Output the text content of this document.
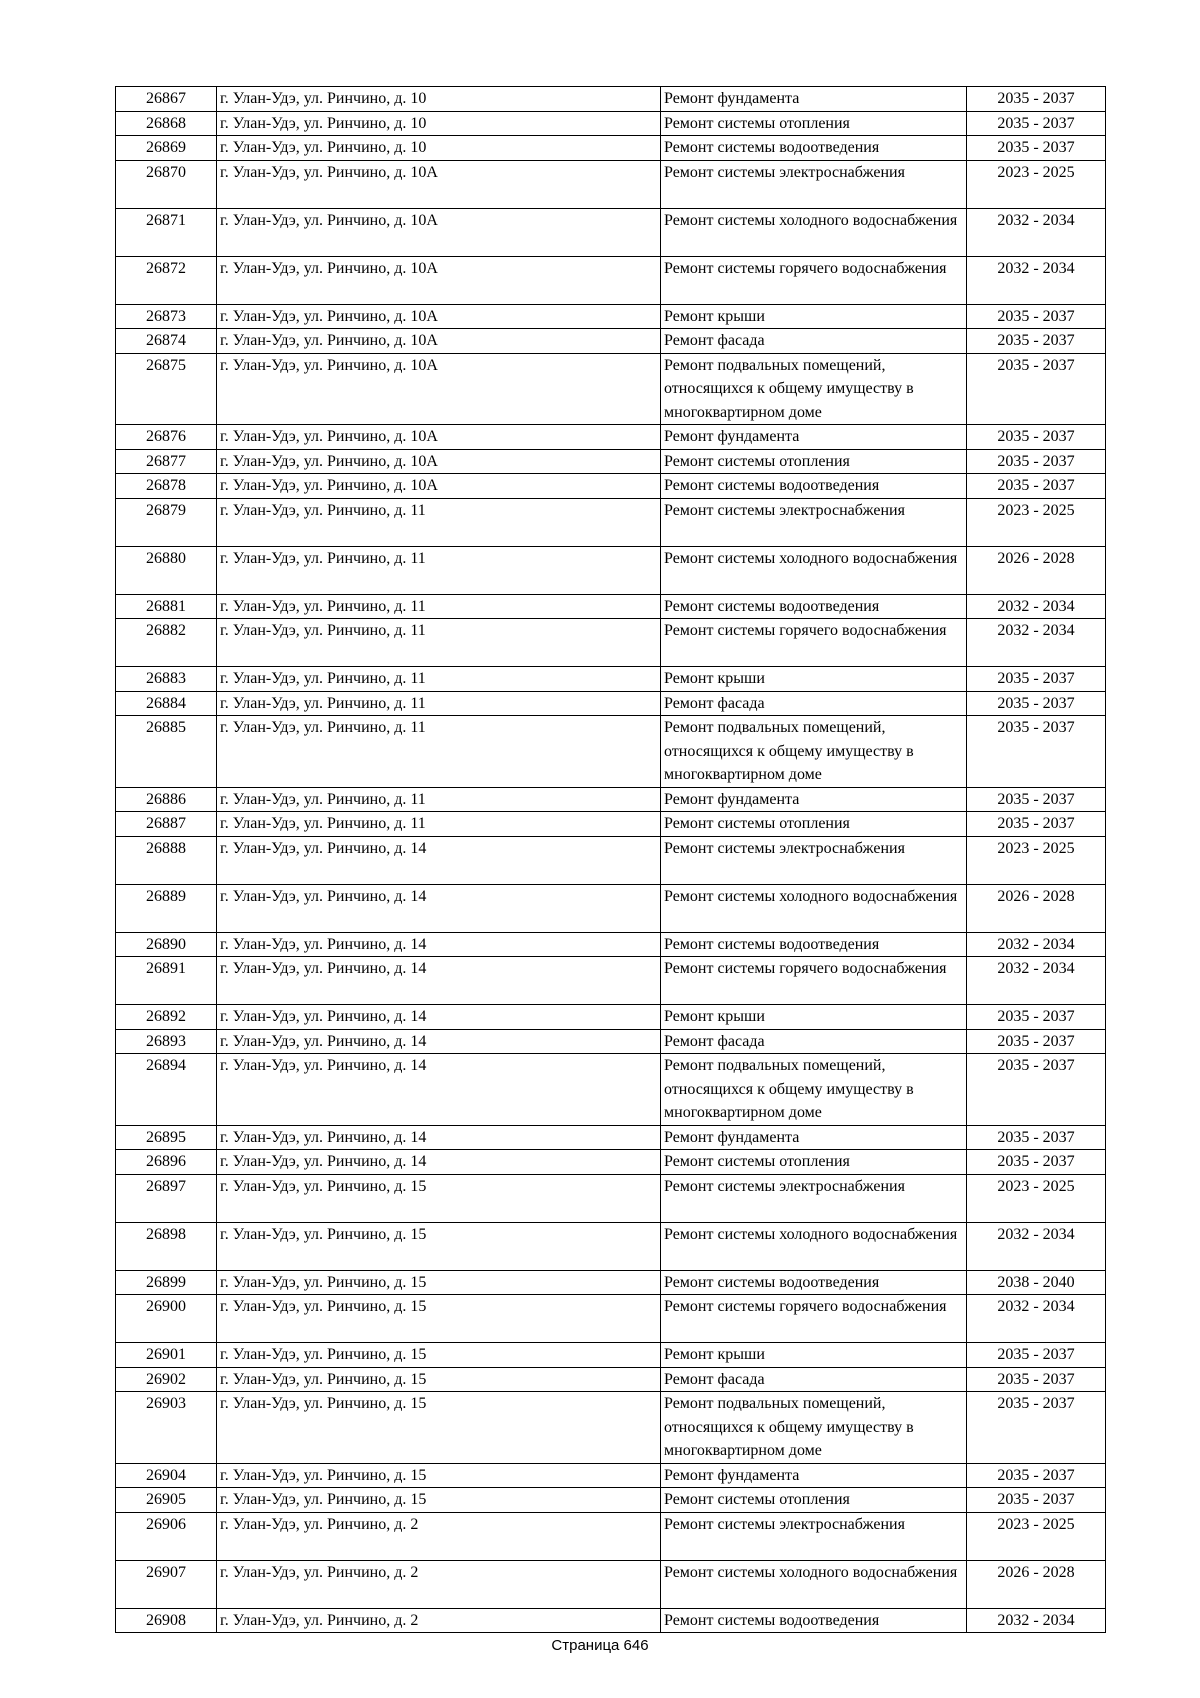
26867	г. Улан-Удэ, ул. Ринчино, д. 10	Ремонт фундамента	2035 - 2037
26868	г. Улан-Удэ, ул. Ринчино, д. 10	Ремонт системы отопления	2035 - 2037
26869	г. Улан-Удэ, ул. Ринчино, д. 10	Ремонт системы водоотведения	2035 - 2037
26870	г. Улан-Удэ, ул. Ринчино, д. 10А	Ремонт системы электроснабжения	2023 - 2025
26871	г. Улан-Удэ, ул. Ринчино, д. 10А	Ремонт системы холодного водоснабжения	2032 - 2034
26872	г. Улан-Удэ, ул. Ринчино, д. 10А	Ремонт системы горячего водоснабжения	2032 - 2034
26873	г. Улан-Удэ, ул. Ринчино, д. 10А	Ремонт крыши	2035 - 2037
26874	г. Улан-Удэ, ул. Ринчино, д. 10А	Ремонт фасада	2035 - 2037
26875	г. Улан-Удэ, ул. Ринчино, д. 10А	Ремонт подвальных помещений, относящихся к общему имуществу в многоквартирном доме	2035 - 2037
26876	г. Улан-Удэ, ул. Ринчино, д. 10А	Ремонт фундамента	2035 - 2037
26877	г. Улан-Удэ, ул. Ринчино, д. 10А	Ремонт системы отопления	2035 - 2037
26878	г. Улан-Удэ, ул. Ринчино, д. 10А	Ремонт системы водоотведения	2035 - 2037
26879	г. Улан-Удэ, ул. Ринчино, д. 11	Ремонт системы электроснабжения	2023 - 2025
26880	г. Улан-Удэ, ул. Ринчино, д. 11	Ремонт системы холодного водоснабжения	2026 - 2028
26881	г. Улан-Удэ, ул. Ринчино, д. 11	Ремонт системы водоотведения	2032 - 2034
26882	г. Улан-Удэ, ул. Ринчино, д. 11	Ремонт системы горячего водоснабжения	2032 - 2034
26883	г. Улан-Удэ, ул. Ринчино, д. 11	Ремонт крыши	2035 - 2037
26884	г. Улан-Удэ, ул. Ринчино, д. 11	Ремонт фасада	2035 - 2037
26885	г. Улан-Удэ, ул. Ринчино, д. 11	Ремонт подвальных помещений, относящихся к общему имуществу в многоквартирном доме	2035 - 2037
26886	г. Улан-Удэ, ул. Ринчино, д. 11	Ремонт фундамента	2035 - 2037
26887	г. Улан-Удэ, ул. Ринчино, д. 11	Ремонт системы отопления	2035 - 2037
26888	г. Улан-Удэ, ул. Ринчино, д. 14	Ремонт системы электроснабжения	2023 - 2025
26889	г. Улан-Удэ, ул. Ринчино, д. 14	Ремонт системы холодного водоснабжения	2026 - 2028
26890	г. Улан-Удэ, ул. Ринчино, д. 14	Ремонт системы водоотведения	2032 - 2034
26891	г. Улан-Удэ, ул. Ринчино, д. 14	Ремонт системы горячего водоснабжения	2032 - 2034
26892	г. Улан-Удэ, ул. Ринчино, д. 14	Ремонт крыши	2035 - 2037
26893	г. Улан-Удэ, ул. Ринчино, д. 14	Ремонт фасада	2035 - 2037
26894	г. Улан-Удэ, ул. Ринчино, д. 14	Ремонт подвальных помещений, относящихся к общему имуществу в многоквартирном доме	2035 - 2037
26895	г. Улан-Удэ, ул. Ринчино, д. 14	Ремонт фундамента	2035 - 2037
26896	г. Улан-Удэ, ул. Ринчино, д. 14	Ремонт системы отопления	2035 - 2037
26897	г. Улан-Удэ, ул. Ринчино, д. 15	Ремонт системы электроснабжения	2023 - 2025
26898	г. Улан-Удэ, ул. Ринчино, д. 15	Ремонт системы холодного водоснабжения	2032 - 2034
26899	г. Улан-Удэ, ул. Ринчино, д. 15	Ремонт системы водоотведения	2038 - 2040
26900	г. Улан-Удэ, ул. Ринчино, д. 15	Ремонт системы горячего водоснабжения	2032 - 2034
26901	г. Улан-Удэ, ул. Ринчино, д. 15	Ремонт крыши	2035 - 2037
26902	г. Улан-Удэ, ул. Ринчино, д. 15	Ремонт фасада	2035 - 2037
26903	г. Улан-Удэ, ул. Ринчино, д. 15	Ремонт подвальных помещений, относящихся к общему имуществу в многоквартирном доме	2035 - 2037
26904	г. Улан-Удэ, ул. Ринчино, д. 15	Ремонт фундамента	2035 - 2037
26905	г. Улан-Удэ, ул. Ринчино, д. 15	Ремонт системы отопления	2035 - 2037
26906	г. Улан-Удэ, ул. Ринчино, д. 2	Ремонт системы электроснабжения	2023 - 2025
26907	г. Улан-Удэ, ул. Ринчино, д. 2	Ремонт системы холодного водоснабжения	2026 - 2028
26908	г. Улан-Удэ, ул. Ринчино, д. 2	Ремонт системы водоотведения	2032 - 2034
Страница 646
